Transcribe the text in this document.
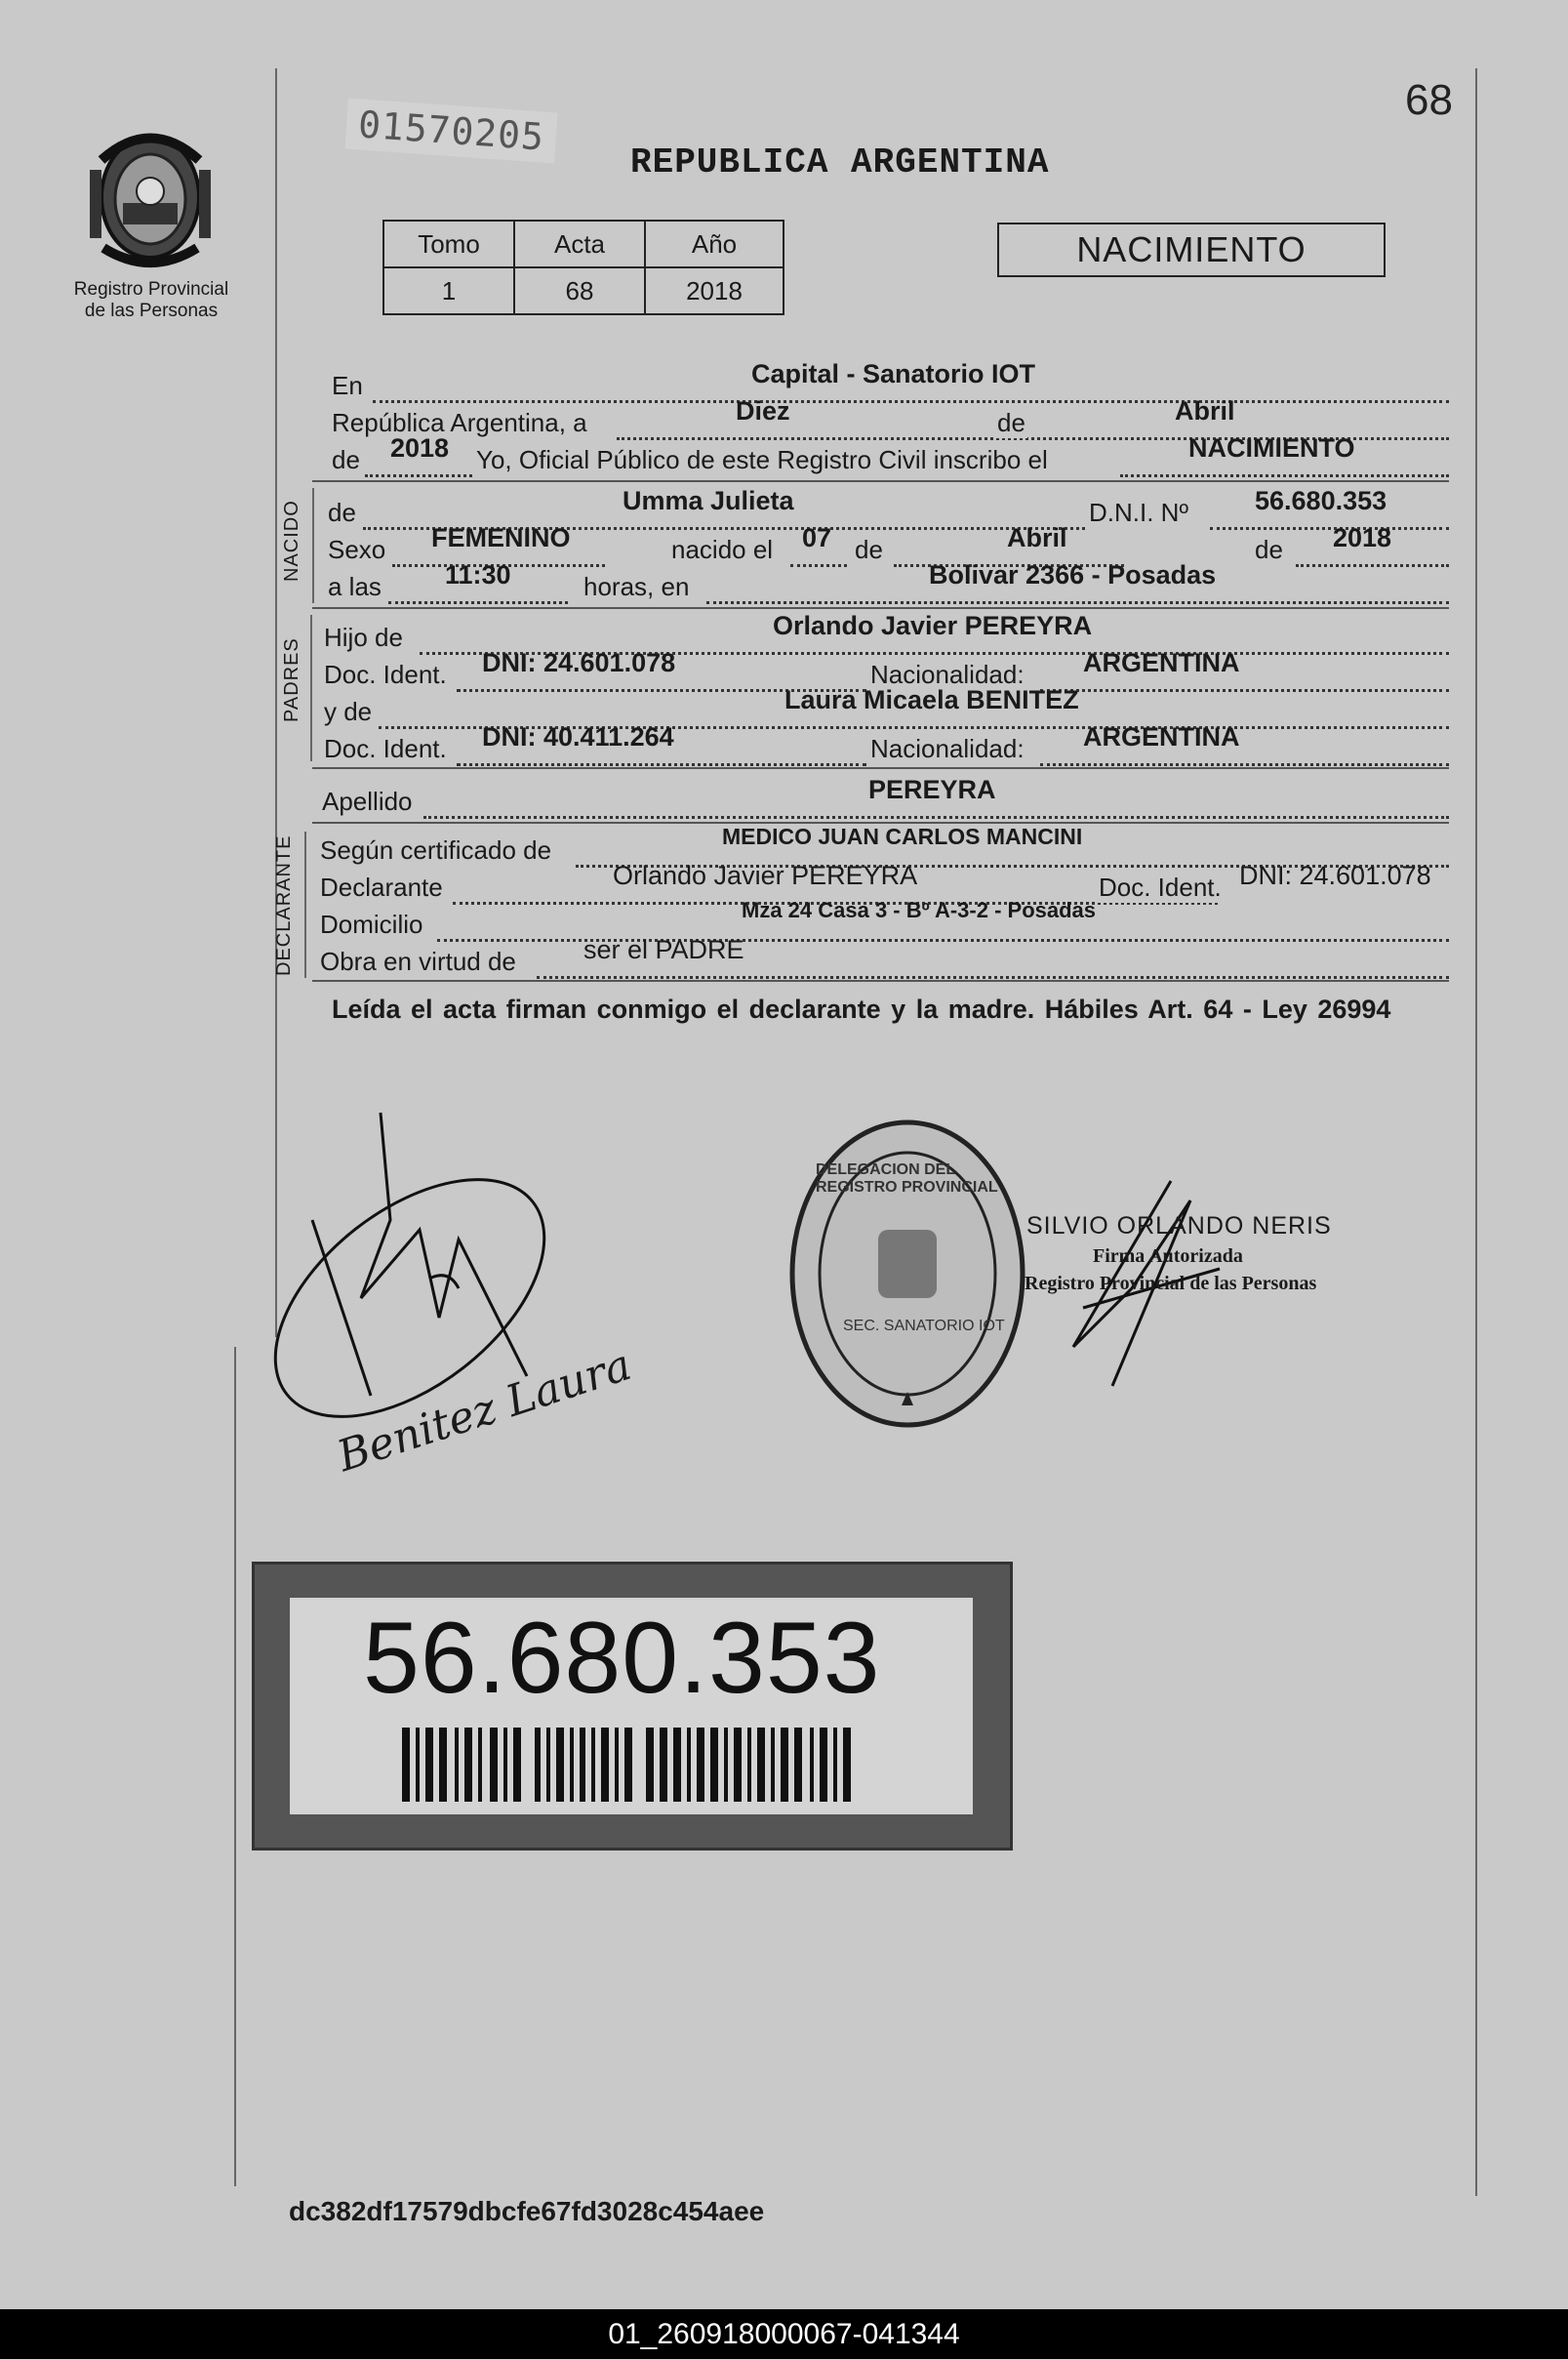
01570205
68
Registro Provincial
de las Personas
REPUBLICA ARGENTINA
Tomo	Acta	Año
1	68	2018
NACIMIENTO
En	Capital - Sanatorio IOT
República Argentina, a	Diez	de	Abril
de 2018 Yo, Oficial Público de este Registro Civil inscribo el	NACIMIENTO
NACIDO de	Umma Julieta	D.N.I. Nº	56.680.353
Sexo FEMENINO	nacido el 07 de	Abril	de 2018
a las 11:30	horas, en	Bolivar 2366 - Posadas
PADRES
Hijo de	Orlando Javier PEREYRA
Doc. Ident. DNI: 24.601.078	Nacionalidad: ARGENTINA
y de	Laura Micaela BENITEZ
Doc. Ident. DNI: 40.411.264	Nacionalidad: ARGENTINA
Apellido	PEREYRA
DECLARANTE Según certificado de	MEDICO JUAN CARLOS MANCINI
Declarante	Orlando Javier PEREYRA	Doc. Ident. DNI: 24.601.078
Domicilio	Mza 24 Casa 3 - Bº A-3-2 - Posadas
Obra en virtud de	ser el PADRE
Leída el acta firman conmigo el declarante y la madre. Hábiles Art. 64 - Ley 26994
Benitez Laura
DELEGACION DEL REGISTRO PROVINCIAL
SEC. SANATORIO IOT
SILVIO ORLANDO NERIS
Firma Autorizada
Registro Provincial de las Personas
56.680.353
dc382df17579dbcfe67fd3028c454aee
01_260918000067-041344
